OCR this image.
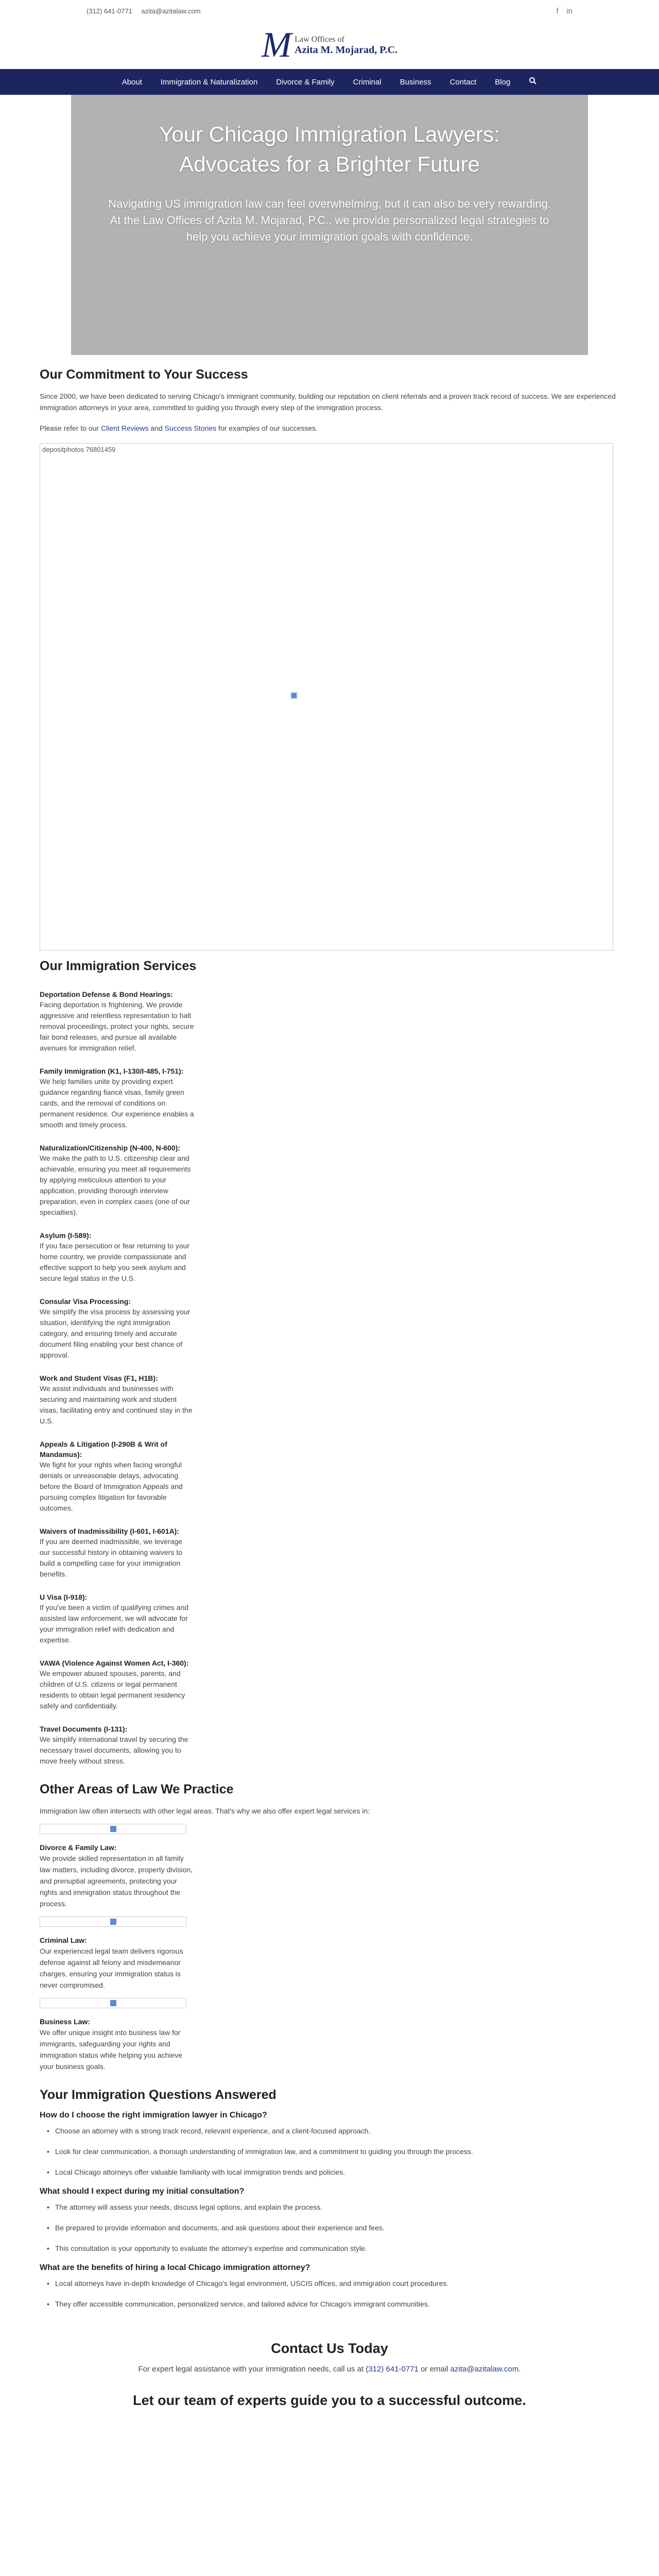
(312) 641-0771 azita@azitalaw.com	f in
M Law Offices of
Azita M. Mojarad, P.C.
About Immigration & Naturalization Divorce & Family Criminal Business Contact Blog
Your Chicago Immigration Lawyers:
Advocates for a Brighter Future

Navigating US immigration law can feel overwhelming, but it can also be very rewarding.

At the Law Offices of Azita M. Mojarad, P.C., we provide personalized legal strategies to help you achieve your immigration goals with confidence.

Our Commitment to Your Success

Since 2000, we have been dedicated to serving Chicago's immigrant community, building our reputation on client referrals and a proven track record of success. We are experienced immigration attorneys in your area, committed to guiding you through every step of the immigration process.

Please refer to our Client Reviews and Success Stories for examples of our successes.

depositphotos 76801459
Our Immigration Services
Deportation Defense & Bond Hearings:
Facing deportation is frightening. We provide aggressive and relentless representation to halt removal proceedings, protect your rights, secure fair bond releases, and pursue all available avenues for immigration relief.
Family Immigration (K1, I-130/I-485, I-751):
We help families unite by providing expert guidance regarding fiancé visas, family green cards, and the removal of conditions on permanent residence. Our experience enables a smooth and timely process.
Naturalization/Citizenship (N-400, N-600):
We make the path to U.S. citizenship clear and achievable, ensuring you meet all requirements by applying meticulous attention to your application, providing thorough interview preparation, even in complex cases (one of our specialties).
Asylum (I-589):
If you face persecution or fear returning to your home country, we provide compassionate and effective support to help you seek asylum and secure legal status in the U.S.
Consular Visa Processing:
We simplify the visa process by assessing your situation, identifying the right immigration category, and ensuring timely and accurate document filing enabling your best chance of approval.
Work and Student Visas (F1, H1B):
We assist individuals and businesses with securing and maintaining work and student visas, facilitating entry and continued stay in the U.S.
Appeals & Litigation (I-290B & Writ of Mandamus):
We fight for your rights when facing wrongful denials or unreasonable delays, advocating before the Board of Immigration Appeals and pursuing complex litigation for favorable outcomes.
Waivers of Inadmissibility (I-601, I-601A):
If you are deemed inadmissible, we leverage our successful history in obtaining waivers to build a compelling case for your immigration benefits.
U Visa (I-918):
If you've been a victim of qualifying crimes and assisted law enforcement, we will advocate for your immigration relief with dedication and expertise.
VAWA (Violence Against Women Act, I-360):
We empower abused spouses, parents, and children of U.S. citizens or legal permanent residents to obtain legal permanent residency safely and confidentially.
Travel Documents (I-131):
We simplify international travel by securing the necessary travel documents, allowing you to move freely without stress.
Other Areas of Law We Practice

Immigration law often intersects with other legal areas. That's why we also offer expert legal services in:

Divorce & Family Law:
We provide skilled representation in all family law matters, including divorce, property division, and prenuptial agreements, protecting your rights and immigration status throughout the process.
Criminal Law:
Our experienced legal team delivers rigorous defense against all felony and misdemeanor charges, ensuring your immigration status is never compromised.
Business Law:
We offer unique insight into business law for immigrants, safeguarding your rights and immigration status while helping you achieve your business goals.
Your Immigration Questions Answered
How do I choose the right immigration lawyer in Chicago?
• Choose an attorney with a strong track record, relevant experience, and a client-focused approach.
• Look for clear communication, a thorough understanding of immigration law, and a commitment to guiding you through the process.
• Local Chicago attorneys offer valuable familiarity with local immigration trends and policies.
What should I expect during my initial consultation?
• The attorney will assess your needs, discuss legal options, and explain the process.
• Be prepared to provide information and documents, and ask questions about their experience and fees.
• This consultation is your opportunity to evaluate the attorney's expertise and communication style.
What are the benefits of hiring a local Chicago immigration attorney?
• Local attorneys have in-depth knowledge of Chicago's legal environment, USCIS offices, and immigration court procedures.
• They offer accessible communication, personalized service, and tailored advice for Chicago's immigrant communities.
Contact Us Today

For expert legal assistance with your immigration needs, call us at (312) 641-0771 or email azita@azitalaw.com.

Let our team of experts guide you to a successful outcome.
